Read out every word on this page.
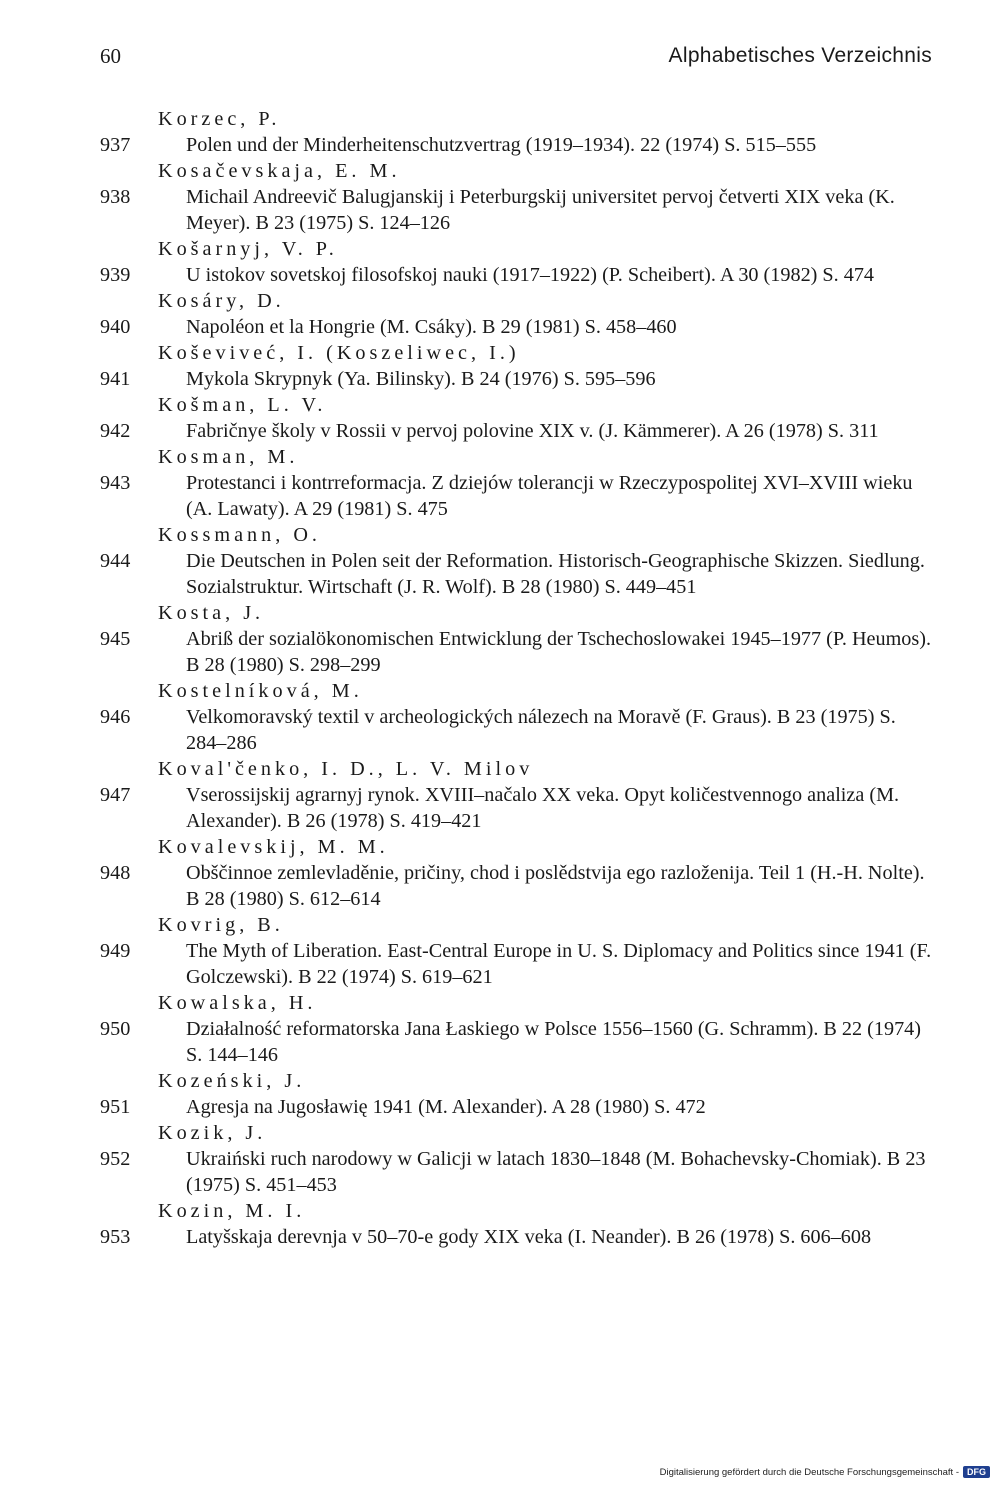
60	Alphabetisches Verzeichnis
Korzec, P.
937	Polen und der Minderheitenschutzvertrag (1919–1934). 22 (1974) S. 515–555
Kosačevskaja, E. M.
938	Michail Andreevič Balugjanskij i Peterburgskij universitet pervoj četverti XIX veka (K. Meyer). B 23 (1975) S. 124–126
Košarnyj, V. P.
939	U istokov sovetskoj filosofskoj nauki (1917–1922) (P. Scheibert). A 30 (1982) S. 474
Kosáry, D.
940	Napoléon et la Hongrie (M. Csáky). B 29 (1981) S. 458–460
Koševiveć, I. (Koszeliwec, I.)
941	Mykola Skrypnyk (Ya. Bilinsky). B 24 (1976) S. 595–596
Košman, L. V.
942	Fabričnye školy v Rossii v pervoj polovine XIX v. (J. Kämmerer). A 26 (1978) S. 311
Kosman, M.
943	Protestanci i kontrreformacja. Z dziejów tolerancji w Rzeczypospolitej XVI–XVIII wieku (A. Lawaty). A 29 (1981) S. 475
Kossmann, O.
944	Die Deutschen in Polen seit der Reformation. Historisch-Geographische Skizzen. Siedlung. Sozialstruktur. Wirtschaft (J. R. Wolf). B 28 (1980) S. 449–451
Kosta, J.
945	Abriß der sozialökonomischen Entwicklung der Tschechoslowakei 1945–1977 (P. Heumos). B 28 (1980) S. 298–299
Kostelníková, M.
946	Velkomoravský textil v archeologických nálezech na Moravě (F. Graus). B 23 (1975) S. 284–286
Koval'čenko, I. D., L. V. Milov
947	Vserossijskij agrarnyj rynok. XVIII–načalo XX veka. Opyt količestvennogo analiza (M. Alexander). B 26 (1978) S. 419–421
Kovalevskij, M. M.
948	Obščinnoe zemlevladěnie, pričiny, chod i poslědstvija ego razloženija. Teil 1 (H.-H. Nolte). B 28 (1980) S. 612–614
Kovrig, B.
949	The Myth of Liberation. East-Central Europe in U. S. Diplomacy and Politics since 1941 (F. Golczewski). B 22 (1974) S. 619–621
Kowalska, H.
950	Działalność reformatorska Jana Łaskiego w Polsce 1556–1560 (G. Schramm). B 22 (1974) S. 144–146
Kozeński, J.
951	Agresja na Jugosławię 1941 (M. Alexander). A 28 (1980) S. 472
Kozik, J.
952	Ukraiński ruch narodowy w Galicji w latach 1830–1848 (M. Bohachevsky-Chomiak). B 23 (1975) S. 451–453
Kozin, M. I.
953	Latyšskaja derevnja v 50–70-e gody XIX veka (I. Neander). B 26 (1978) S. 606–608
Digitalisierung gefördert durch die Deutsche Forschungsgemeinschaft - DFG
